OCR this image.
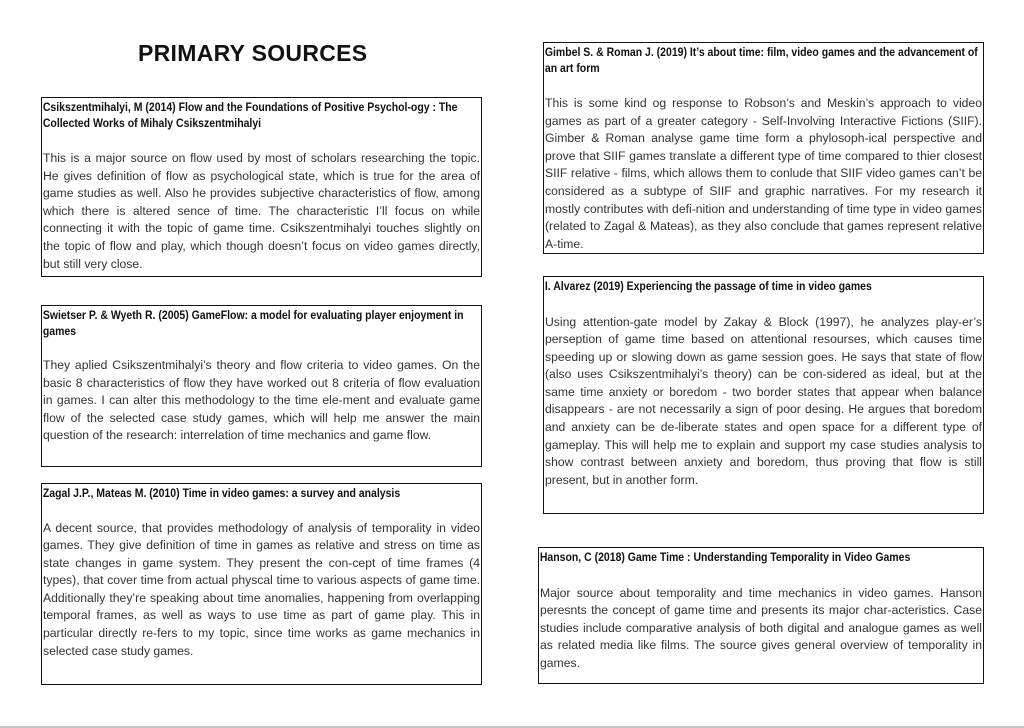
PRIMARY SOURCES

Csikszentmihalyi, M (2014) Flow and the Foundations of Positive Psychol-ogy : The Collected Works of Mihaly Csikszentmihalyi

This is a major source on flow used by most of scholars researching the topic. He gives definition of flow as psychological state, which is true for the area of game studies as well. Also he provides subjective characteristics of flow, among which there is altered sence of time. The characteristic I’ll focus on while connecting it with the topic of game time. Csikszentmihalyi touches slightly on the topic of flow and play, which though doesn’t focus on video games directly, but still very close.

Swietser P. & Wyeth R. (2005) GameFlow: a model for evaluating player enjoyment in games

They aplied Csikszentmihalyi’s theory and flow criteria to video games. On the basic 8 characteristics of flow they have worked out 8 criteria of flow evaluation in games. I can alter this methodology to the time ele-ment and evaluate game flow of the selected case study games, which will help me answer the main question of the research: interrelation of time mechanics and game flow.

Zagal J.P., Mateas M. (2010) Time in video games: a survey and analysis

A decent source, that provides methodology of analysis of temporality in video games. They give definition of time in games as relative and stress on time as state changes in game system. They present the con-cept of time frames (4 types), that cover time from actual physcal time to various aspects of game time. Additionally they’re speaking about time anomalies, happening from overlapping temporal frames, as well as ways to use time as part of game play. This in particular directly re-fers to my topic, since time works as game mechanics in selected case study games.

Gimbel S. & Roman J. (2019) It’s about time: film, video games and the advancement of an art form

This is some kind og response to Robson’s and Meskin’s approach to video games as part of a greater category - Self-Involving Interactive Fictions (SIIF). Gimber & Roman analyse game time form a phylosoph-ical perspective and prove that SIIF games translate a different type of time compared to thier closest SIIF relative - films, which allows them to conlude that SIIF video games can’t be considered as a subtype of SIIF and graphic narratives. For my research it mostly contributes with defi-nition and understanding of time type in video games (related to Zagal & Mateas), as they also conclude that games represent relative A-time.

I. Alvarez (2019) Experiencing the passage of time in video games

Using attention-gate model by Zakay & Block (1997), he analyzes play-er’s perseption of game time based on attentional resourses, which causes time speeding up or slowing down as game session goes. He says that state of flow (also uses Csikszentmihalyi’s theory) can be con-sidered as ideal, but at the same time anxiety or boredom - two border states that appear when balance disappears - are not necessarily a sign of poor desing. He argues that boredom and anxiety can be de-liberate states and open space for a different type of gameplay. This will help me to explain and support my case studies analysis to show contrast between anxiety and boredom, thus proving that flow is still present, but in another form.

Hanson, C (2018) Game Time : Understanding Temporality in Video Games

Major source about temporality and time mechanics in video games. Hanson peresnts the concept of game time and presents its major char-acteristics. Case studies include comparative analysis of both digital and analogue games as well as related media like films. The source gives general overview of temporality in games.
